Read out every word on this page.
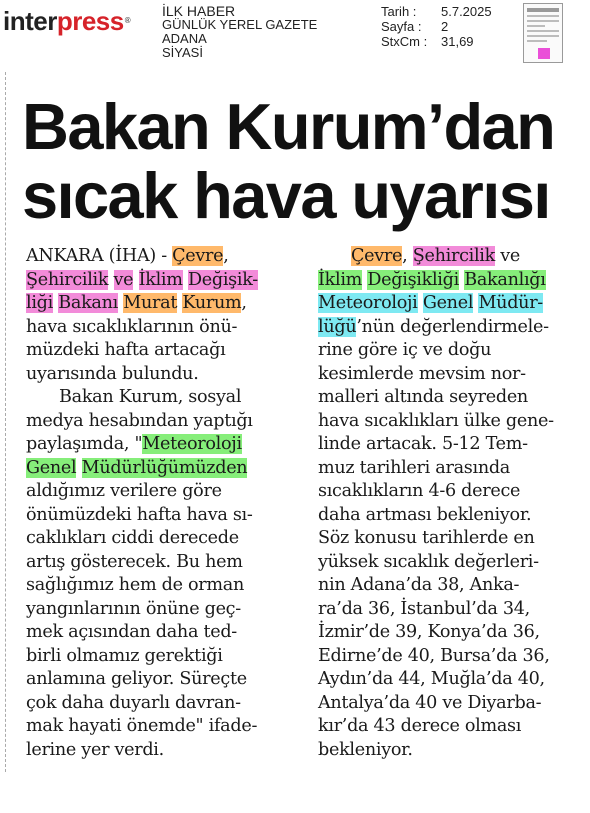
interpress®
İLK HABER
GÜNLÜK YEREL GAZETE
ADANA
SİYASİ
Tarih :	5.7.2025
Sayfa :	2
StxCm :	31,69
Bakan Kurum’dan
sıcak hava uyarısı
ANKARA (İHA) - Çevre,
Şehircilik ve İklim Değişik-
liği Bakanı Murat Kurum,
hava sıcaklıklarının önü-
müzdeki hafta artacağı
uyarısında bulundu.
Bakan Kurum, sosyal
medya hesabından yaptığı
paylaşımda, "Meteoroloji
Genel Müdürlüğümüzden
aldığımız verilere göre
önümüzdeki hafta hava sı-
caklıkları ciddi derecede
artış gösterecek. Bu hem
sağlığımız hem de orman
yangınlarının önüne geç-
mek açısından daha ted-
birli olmamız gerektiği
anlamına geliyor. Süreçte
çok daha duyarlı davran-
mak hayati önemde" ifade-
lerine yer verdi.
Çevre, Şehircilik ve
İklim Değişikliği Bakanlığı
Meteoroloji Genel Müdür-
lüğü’nün değerlendirmele-
rine göre iç ve doğu
kesimlerde mevsim nor-
malleri altında seyreden
hava sıcaklıkları ülke gene-
linde artacak. 5-12 Tem-
muz tarihleri arasında
sıcaklıkların 4-6 derece
daha artması bekleniyor.
Söz konusu tarihlerde en
yüksek sıcaklık değerleri-
nin Adana’da 38, Anka-
ra’da 36, İstanbul’da 34,
İzmir’de 39, Konya’da 36,
Edirne’de 40, Bursa’da 36,
Aydın’da 44, Muğla’da 40,
Antalya’da 40 ve Diyarba-
kır’da 43 derece olması
bekleniyor.
